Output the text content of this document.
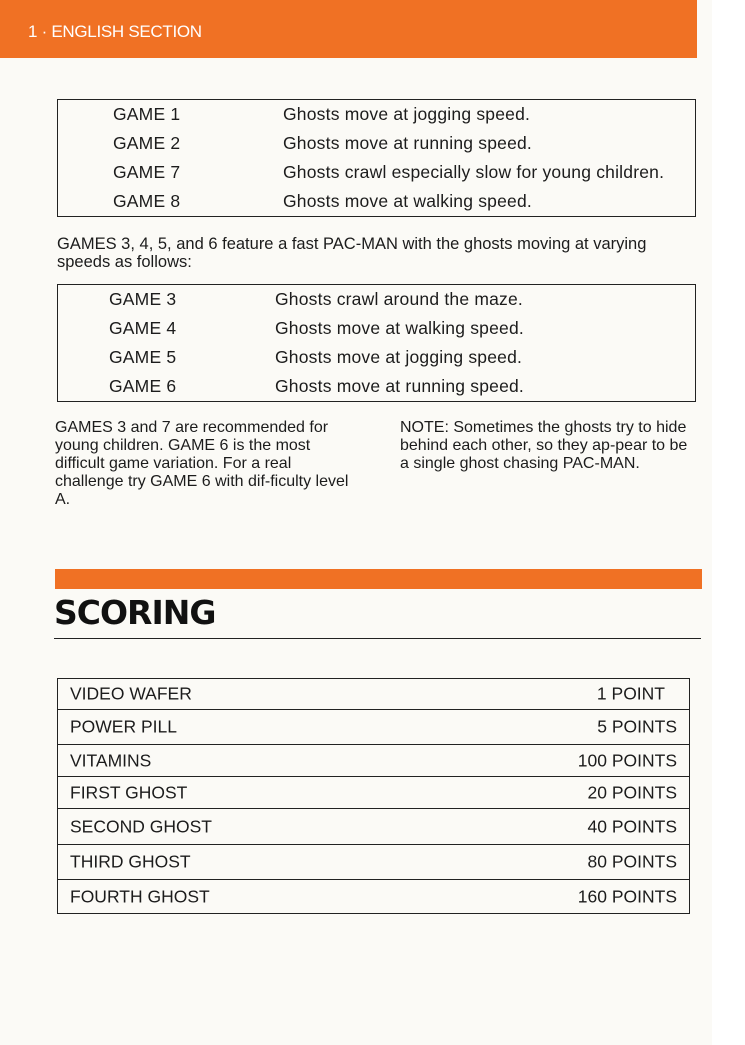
1 · ENGLISH SECTION
GAME 1	Ghosts move at jogging speed.
GAME 2	Ghosts move at running speed.
GAME 7	Ghosts crawl especially slow for young children.
GAME 8	Ghosts move at walking speed.

GAMES 3, 4, 5, and 6 feature a fast PAC-MAN with the ghosts moving at varying speeds as follows:

GAME 3	Ghosts crawl around the maze.
GAME 4	Ghosts move at walking speed.
GAME 5	Ghosts move at jogging speed.
GAME 6	Ghosts move at running speed.

GAMES 3 and 7 are recommended for young children. GAME 6 is the most difficult game variation. For a real challenge try GAME 6 with dif-ficulty level A.

NOTE: Sometimes the ghosts try to hide behind each other, so they ap-pear to be a single ghost chasing PAC-MAN.

SCORING
VIDEO WAFER	1 POINT
POWER PILL	5 POINTS
VITAMINS	100 POINTS
FIRST GHOST	20 POINTS
SECOND GHOST	40 POINTS
THIRD GHOST	80 POINTS
FOURTH GHOST	160 POINTS
